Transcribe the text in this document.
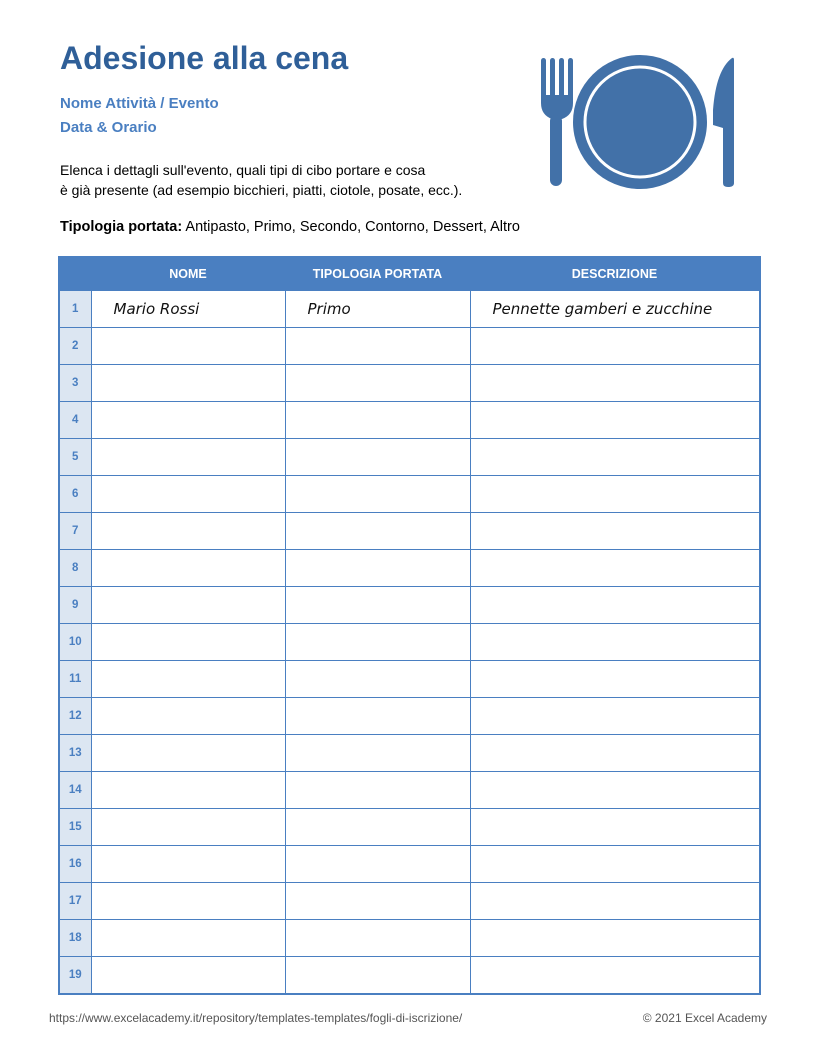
Adesione alla cena
Nome Attività / Evento
Data & Orario
Elenca i dettagli sull'evento, quali tipi di cibo portare e cosa
è già presente (ad esempio bicchieri, piatti, ciotole, posate, ecc.).
Tipologia portata: Antipasto, Primo, Secondo, Contorno, Dessert, Altro
	NOME	TIPOLOGIA PORTATA	DESCRIZIONE
1	Mario Rossi	Primo	Pennette gamberi e zucchine
2			
3			
4			
5			
6			
7			
8			
9			
10			
11			
12			
13			
14			
15			
16			
17			
18			
19			
https://www.excelacademy.it/repository/templates-templates/fogli-di-iscrizione/	© 2021 Excel Academy
